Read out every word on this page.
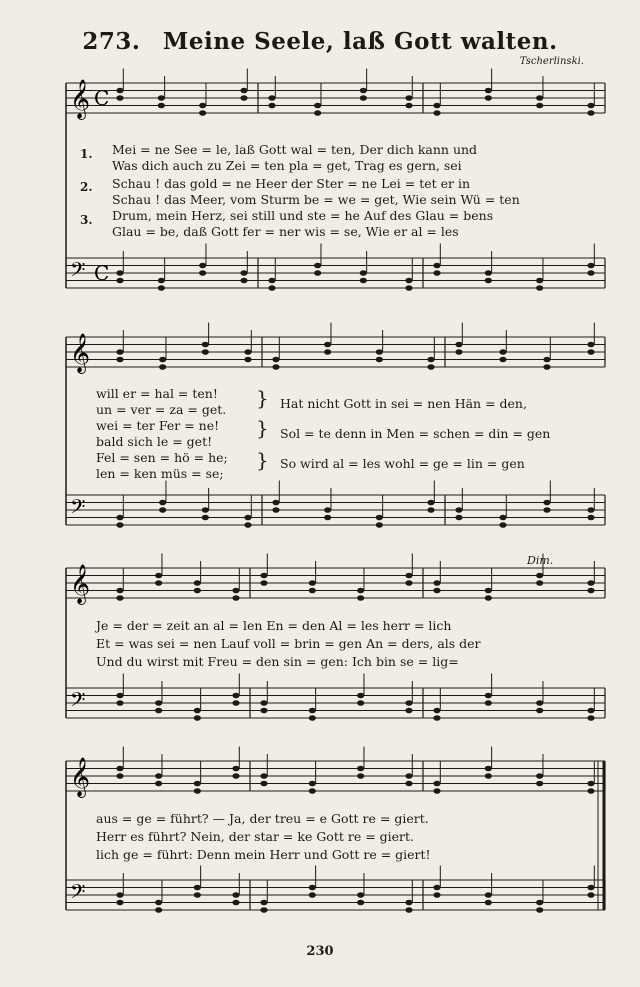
273. Meine Seele, laß Gott walten.
Tscherlinski.
Dim.
𝄞 C
𝄢 C
𝄞
𝄢
𝄞
𝄢
𝄞
𝄢
1.
2.
3.
Mei = ne See = le, laß Gott wal = ten, Der dich kann und
Was dich auch zu Zei = ten pla = get, Trag es gern, sei
Schau ! das gold = ne Heer der Ster = ne Lei = tet er in
Schau ! das Meer, vom Sturm be = we = get, Wie sein Wü = ten
Drum, mein Herz, sei still und ste = he Auf des Glau = bens
Glau = be, daß Gott fer = ner wis = se, Wie er al = les
will er = hal = ten!
un = ver = za = get.
wei = ter Fer = ne!
bald sich le = get!
Fel = sen = hö = he;
len = ken müs = se;
}
}
}
Hat nicht Gott in sei = nen Hän = den,
Sol = te denn in Men = schen = din = gen
So wird al = les wohl = ge = lin = gen
Je = der = zeit an al = len En = den Al = les herr = lich
Et = was sei = nen Lauf voll = brin = gen An = ders, als der
Und du wirst mit Freu = den sin = gen: Ich bin se = lig=
aus = ge = führt? — Ja, der treu = e Gott re = giert.
Herr es führt? Nein, der star = ke Gott re = giert.
lich ge = führt: Denn mein Herr und Gott re = giert!
230
